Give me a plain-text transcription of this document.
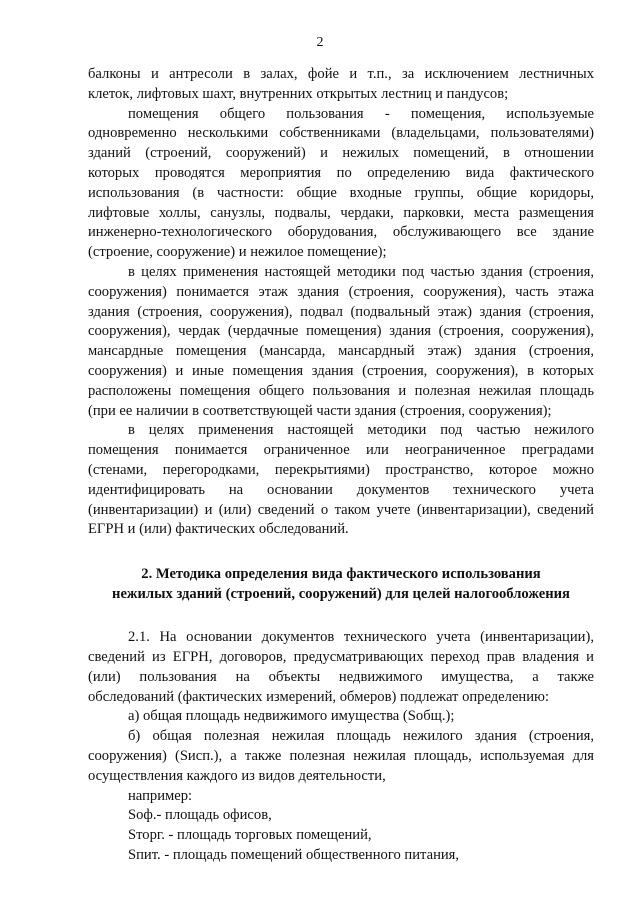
2

балконы и антресоли в залах, фойе и т.п., за исключением лестничных

клеток, лифтовых шахт, внутренних открытых лестниц и пандусов;

помещения общего пользования - помещения, используемые

одновременно несколькими собственниками (владельцами, пользователями)

зданий (строений, сооружений) и нежилых помещений, в отношении

которых проводятся мероприятия по определению вида фактического

использования (в частности: общие входные группы, общие коридоры,

лифтовые холлы, санузлы, подвалы, чердаки, парковки, места размещения

инженерно-технологического оборудования, обслуживающего все здание

(строение, сооружение) и нежилое помещение);

в целях применения настоящей методики под частью здания (строения,

сооружения) понимается этаж здания (строения, сооружения), часть этажа

здания (строения, сооружения), подвал (подвальный этаж) здания (строения,

сооружения), чердак (чердачные помещения) здания (строения, сооружения),

мансардные помещения (мансарда, мансардный этаж) здания (строения,

сооружения) и иные помещения здания (строения, сооружения), в которых

расположены помещения общего пользования и полезная нежилая площадь

(при ее наличии в соответствующей части здания (строения, сооружения);

в целях применения настоящей методики под частью нежилого

помещения понимается ограниченное или неограниченное преградами

(стенами, перегородками, перекрытиями) пространство, которое можно

идентифицировать на основании документов технического учета

(инвентаризации) и (или) сведений о таком учете (инвентаризации), сведений

ЕГРН и (или) фактических обследований.

2. Методика определения вида фактического использования

нежилых зданий (строений, сооружений) для целей налогообложения

2.1. На основании документов технического учета (инвентаризации),

сведений из ЕГРН, договоров, предусматривающих переход прав владения и

(или) пользования на объекты недвижимого имущества, а также

обследований (фактических измерений, обмеров) подлежат определению:

а) общая площадь недвижимого имущества (Sобщ.);

б) общая полезная нежилая площадь нежилого здания (строения,

сооружения) (Sисп.), а также полезная нежилая площадь, используемая для

осуществления каждого из видов деятельности,

например:

Sоф.- площадь офисов,

Sторг. - площадь торговых помещений,

Sпит. - площадь помещений общественного питания,
